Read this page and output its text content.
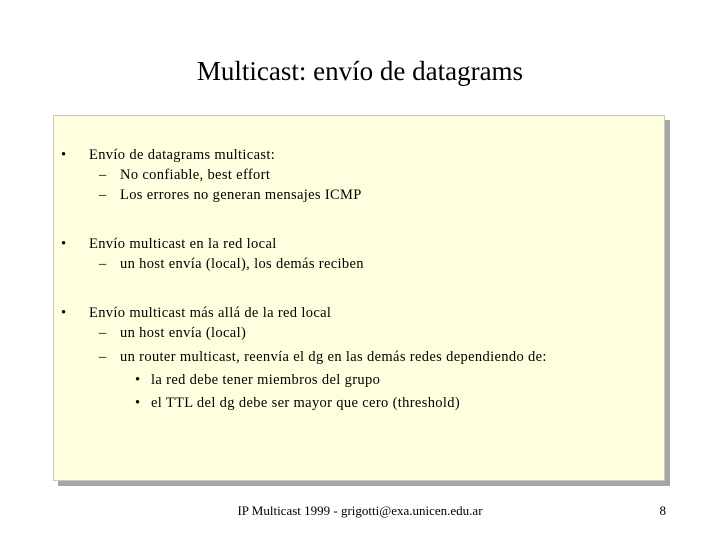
Multicast: envío de datagrams
• Envío de datagrams multicast:
– No confiable, best effort
– Los errores no generan mensajes ICMP
• Envío multicast en la red local
– un host envía (local), los demás reciben
• Envío multicast más allá de la red local
– un host envía (local)
– un router multicast, reenvía el dg en las demás redes dependiendo de:
• la red debe tener miembros del grupo
• el TTL del dg debe ser mayor que cero (threshold)
IP Multicast 1999 - grigotti@exa.unicen.edu.ar	8
